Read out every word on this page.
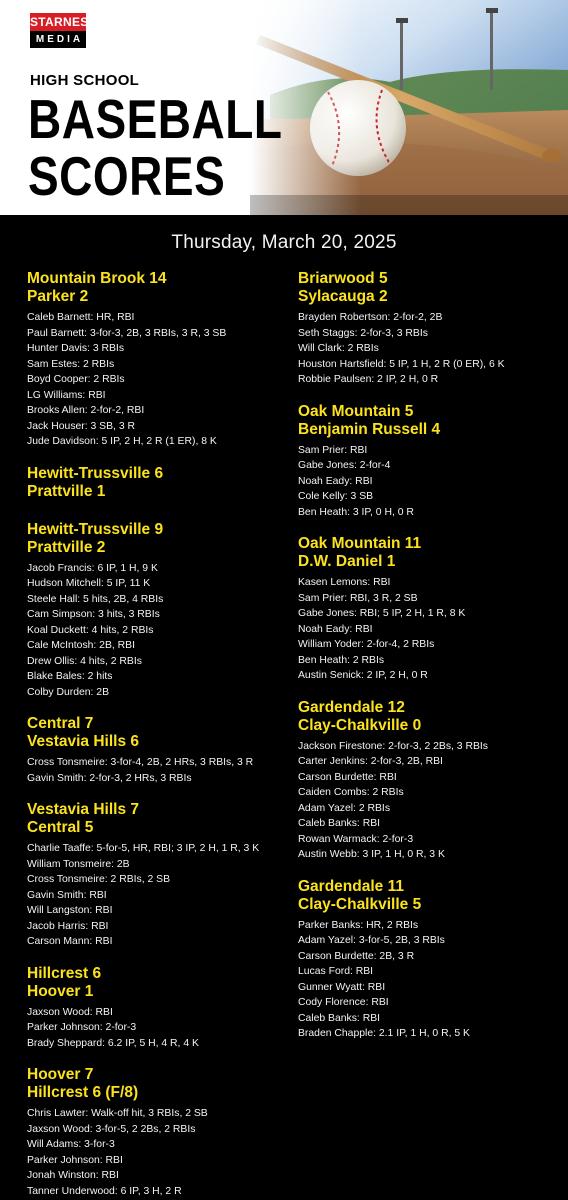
STARNES
MEDIA
HIGH SCHOOL
BASEBALL
SCORES
Thursday, March 20, 2025
Mountain Brook 14
Parker 2
Caleb Barnett: HR, RBI
Paul Barnett: 3-for-3, 2B, 3 RBIs, 3 R, 3 SB
Hunter Davis: 3 RBIs
Sam Estes: 2 RBIs
Boyd Cooper: 2 RBIs
LG Williams: RBI
Brooks Allen: 2-for-2, RBI
Jack Houser: 3 SB, 3 R
Jude Davidson: 5 IP, 2 H, 2 R (1 ER), 8 K
Hewitt-Trussville 6
Prattville 1
Hewitt-Trussville 9
Prattville 2
Jacob Francis: 6 IP, 1 H, 9 K
Hudson Mitchell: 5 IP, 11 K
Steele Hall: 5 hits, 2B, 4 RBIs
Cam Simpson: 3 hits, 3 RBIs
Koal Duckett: 4 hits, 2 RBIs
Cale McIntosh: 2B, RBI
Drew Ollis: 4 hits, 2 RBIs
Blake Bales: 2 hits
Colby Durden: 2B
Central 7
Vestavia Hills 6
Cross Tonsmeire: 3-for-4, 2B, 2 HRs, 3 RBIs, 3 R
Gavin Smith: 2-for-3, 2 HRs, 3 RBIs
Vestavia Hills 7
Central 5
Charlie Taaffe: 5-for-5, HR, RBI; 3 IP, 2 H, 1 R, 3 K
William Tonsmeire: 2B
Cross Tonsmeire: 2 RBIs, 2 SB
Gavin Smith: RBI
Will Langston: RBI
Jacob Harris: RBI
Carson Mann: RBI
Hillcrest 6
Hoover 1
Jaxson Wood: RBI
Parker Johnson: 2-for-3
Brady Sheppard: 6.2 IP, 5 H, 4 R, 4 K
Hoover 7
Hillcrest 6 (F/8)
Chris Lawter: Walk-off hit, 3 RBIs, 2 SB
Jaxson Wood: 3-for-5, 2 2Bs, 2 RBIs
Will Adams: 3-for-3
Parker Johnson: RBI
Jonah Winston: RBI
Tanner Underwood: 6 IP, 3 H, 2 R
Briarwood 5
Sylacauga 2
Brayden Robertson: 2-for-2, 2B
Seth Staggs: 2-for-3, 3 RBIs
Will Clark: 2 RBIs
Houston Hartsfield: 5 IP, 1 H, 2 R (0 ER), 6 K
Robbie Paulsen: 2 IP, 2 H, 0 R
Oak Mountain 5
Benjamin Russell 4
Sam Prier: RBI
Gabe Jones: 2-for-4
Noah Eady: RBI
Cole Kelly: 3 SB
Ben Heath: 3 IP, 0 H, 0 R
Oak Mountain 11
D.W. Daniel 1
Kasen Lemons: RBI
Sam Prier: RBI, 3 R, 2 SB
Gabe Jones: RBI; 5 IP, 2 H, 1 R, 8 K
Noah Eady: RBI
William Yoder: 2-for-4, 2 RBIs
Ben Heath: 2 RBIs
Austin Senick: 2 IP, 2 H, 0 R
Gardendale 12
Clay-Chalkville 0
Jackson Firestone: 2-for-3, 2 2Bs, 3 RBIs
Carter Jenkins: 2-for-3, 2B, RBI
Carson Burdette: RBI
Caiden Combs: 2 RBIs
Adam Yazel: 2 RBIs
Caleb Banks: RBI
Rowan Warmack: 2-for-3
Austin Webb: 3 IP, 1 H, 0 R, 3 K
Gardendale 11
Clay-Chalkville 5
Parker Banks: HR, 2 RBIs
Adam Yazel: 3-for-5, 2B, 3 RBIs
Carson Burdette: 2B, 3 R
Lucas Ford: RBI
Gunner Wyatt: RBI
Cody Florence: RBI
Caleb Banks: RBI
Braden Chapple: 2.1 IP, 1 H, 0 R, 5 K
